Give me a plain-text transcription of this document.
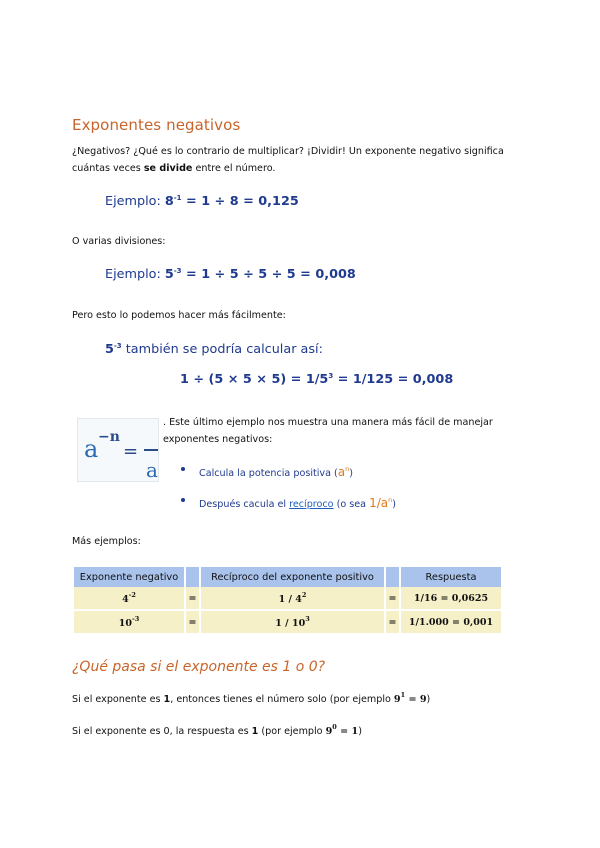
Exponentes negativos
¿Negativos? ¿Qué es lo contrario de multiplicar? ¡Dividir! Un exponente negativo significa
cuántas veces se divide entre el número.
Ejemplo: $8^{-1} = 1 \div 8 = 0,125$
O varias divisiones:
Ejemplo: $5^{-3} = 1 \div 5 \div 5 \div 5 = 0,008$
Pero esto lo podemos hacer más fácilmente:
$5^{-3}$ también se podría calcular así:
$1 \div (5 \times 5 \times 5) = 1/5^3 = 1/125 = 0,008$
a −n
=
a
. Este último ejemplo nos muestra una manera más fácil de manejar
exponentes negativos:
Calcula la potencia positiva $(a^n)$
Después cacula el recíproco (o sea $1/a^n$)
Más ejemplos:
Exponente negativo		Recíproco del exponente positivo		Respuesta
$4^{-2}$	=	$1 / 4^2$	=	1/16 = 0,0625
$10^{-3}$	=	$1 / 10^3$	=	1/1.000 = 0,001
¿Qué pasa si el exponente es 1 o 0?
Si el exponente es 1, entonces tienes el número solo (por ejemplo $9^1 = 9$)
Si el exponente es 0, la respuesta es 1 (por ejemplo $9^0 = 1$)
